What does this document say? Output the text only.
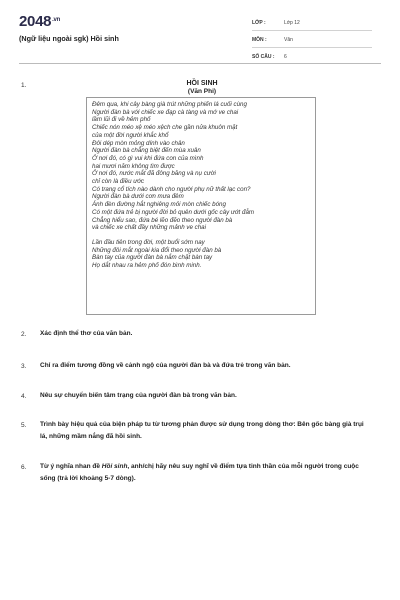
$2048^{.vn}$
(Ngữ liệu ngoài sgk) Hồi sinh
LỚP :	Lớp 12
MÔN :	Văn
SỐ CÂU :	6
1.	HỒI SINH
(Văn Phi)
Đêm qua, khi cây bàng già trút những phiến lá cuối cùng
Người đàn bà với chiếc xe đạp cà tàng và mớ ve chai
lầm lũi đi về hẻm phố
Chiếc nón méo xệ méo xệch che gần nửa khuôn mặt
của một đời người khắc khổ
Đôi dép mòn mỏng dính vào chân
Người đàn bà chẳng biệt đến mùa xuân
Ở nơi đó, có gì vui khi đứa con của mình
hai mươi năm không tìm được
Ở nơi đó, nước mắt đã đông băng và nụ cười
chỉ còn là điều ước
Có trang cổ tích nào dành cho người phụ nữ thất lạc con?
Người đàn bà dưới cơn mưa đêm
Ánh đèn đường hắt nghiêng mỏi mòn chiếc bóng
Có một đứa trẻ bị người đời bỏ quên dưới gốc cây ướt đẫm
Chẳng hiểu sao, đứa bé lẽo đẽo theo người đàn bà
và chiếc xe chất đầy những mảnh ve chai
Lần đầu tiên trong đời, một buổi sớm nay
Những đôi mắt ngoài kia đổi theo người đàn bà
Bàn tay của người đàn bà nắm chặt bàn tay
Họ dắt nhau ra hẻm phố đón bình minh.
2. Xác định thể thơ của văn bản.
3. Chỉ ra điểm tương đồng về cảnh ngộ của người đàn bà và đứa trẻ trong văn bản.
4. Nêu sự chuyển biến tâm trạng của người đàn bà trong văn bản.
5. Trình bày hiệu quả của biện pháp tu từ tương phản được sử dụng trong dòng thơ: Bên gốc bàng già trụi lá, những mầm nắng đã hồi sinh.
6. Từ ý nghĩa nhan đề Hồi sinh, anh/chị hãy nêu suy nghĩ về điểm tựa tinh thần của mỗi người trong cuộc sống (trả lời khoảng 5-7 dòng).
